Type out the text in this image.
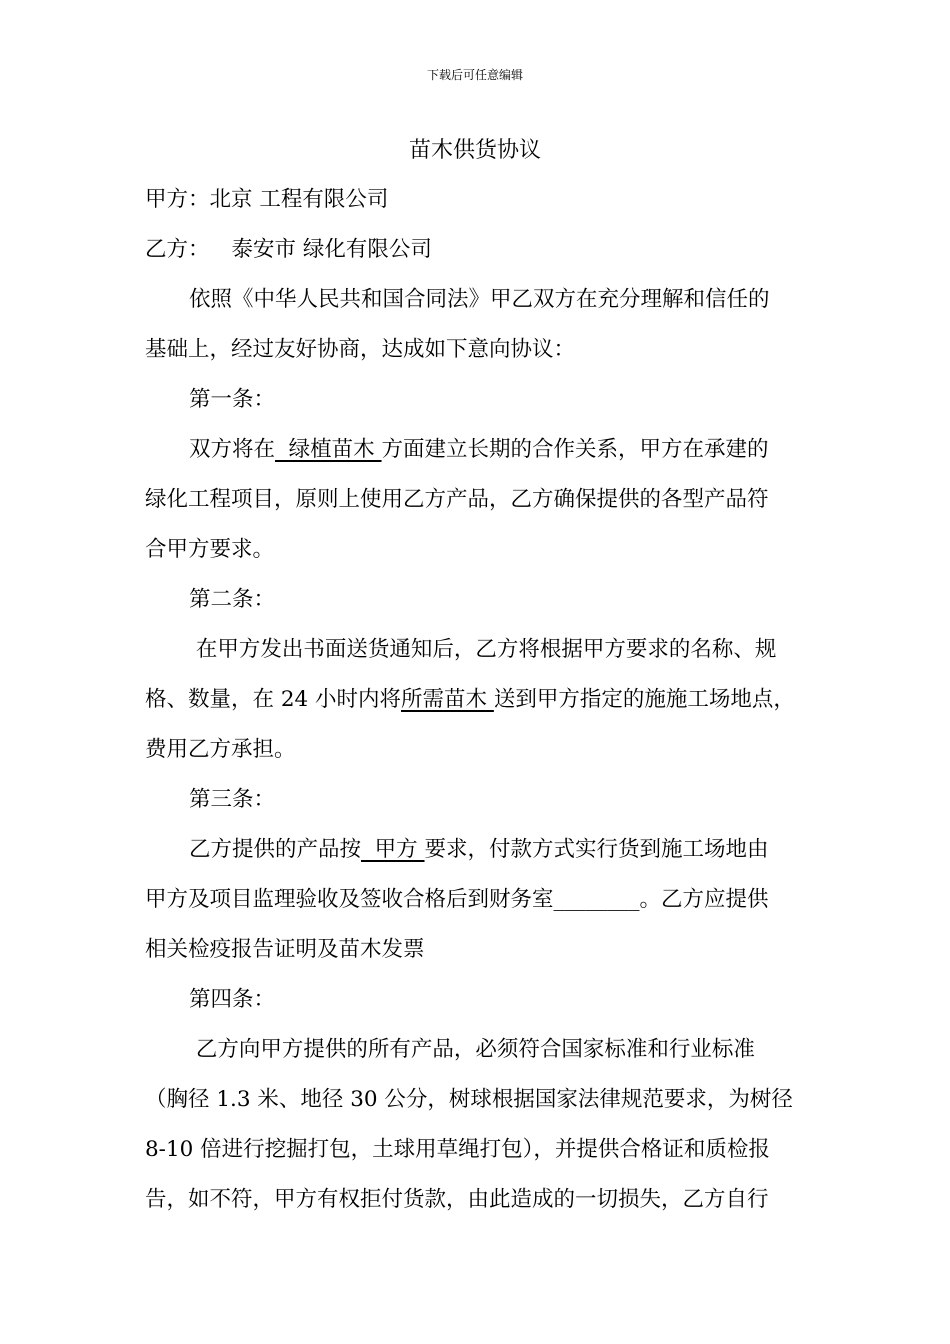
下载后可任意编辑
苗木供货协议
甲方：北京 工程有限公司
乙方： 泰安市 绿化有限公司
依照《中华人民共和国合同法》甲乙双方在充分理解和信任的
基础上，经过友好协商，达成如下意向协议：
第一条：
双方将在  绿植苗木 方面建立长期的合作关系，甲方在承建的
绿化工程项目，原则上使用乙方产品，乙方确保提供的各型产品符
合甲方要求。
第二条：
在甲方发出书面送货通知后，乙方将根据甲方要求的名称、规
格、数量，在 24 小时内将所需苗木 送到甲方指定的施施工场地点，
费用乙方承担。
第三条：
乙方提供的产品按  甲方 要求，付款方式实行货到施工场地由
甲方及项目监理验收及签收合格后到财务室________。乙方应提供
相关检疫报告证明及苗木发票
第四条：
乙方向甲方提供的所有产品，必须符合国家标准和行业标准
（胸径 1.3 米、地径 30 公分，树球根据国家法律规范要求，为树径
8-10 倍进行挖掘打包，土球用草绳打包），并提供合格证和质检报
告，如不符，甲方有权拒付货款，由此造成的一切损失，乙方自行
